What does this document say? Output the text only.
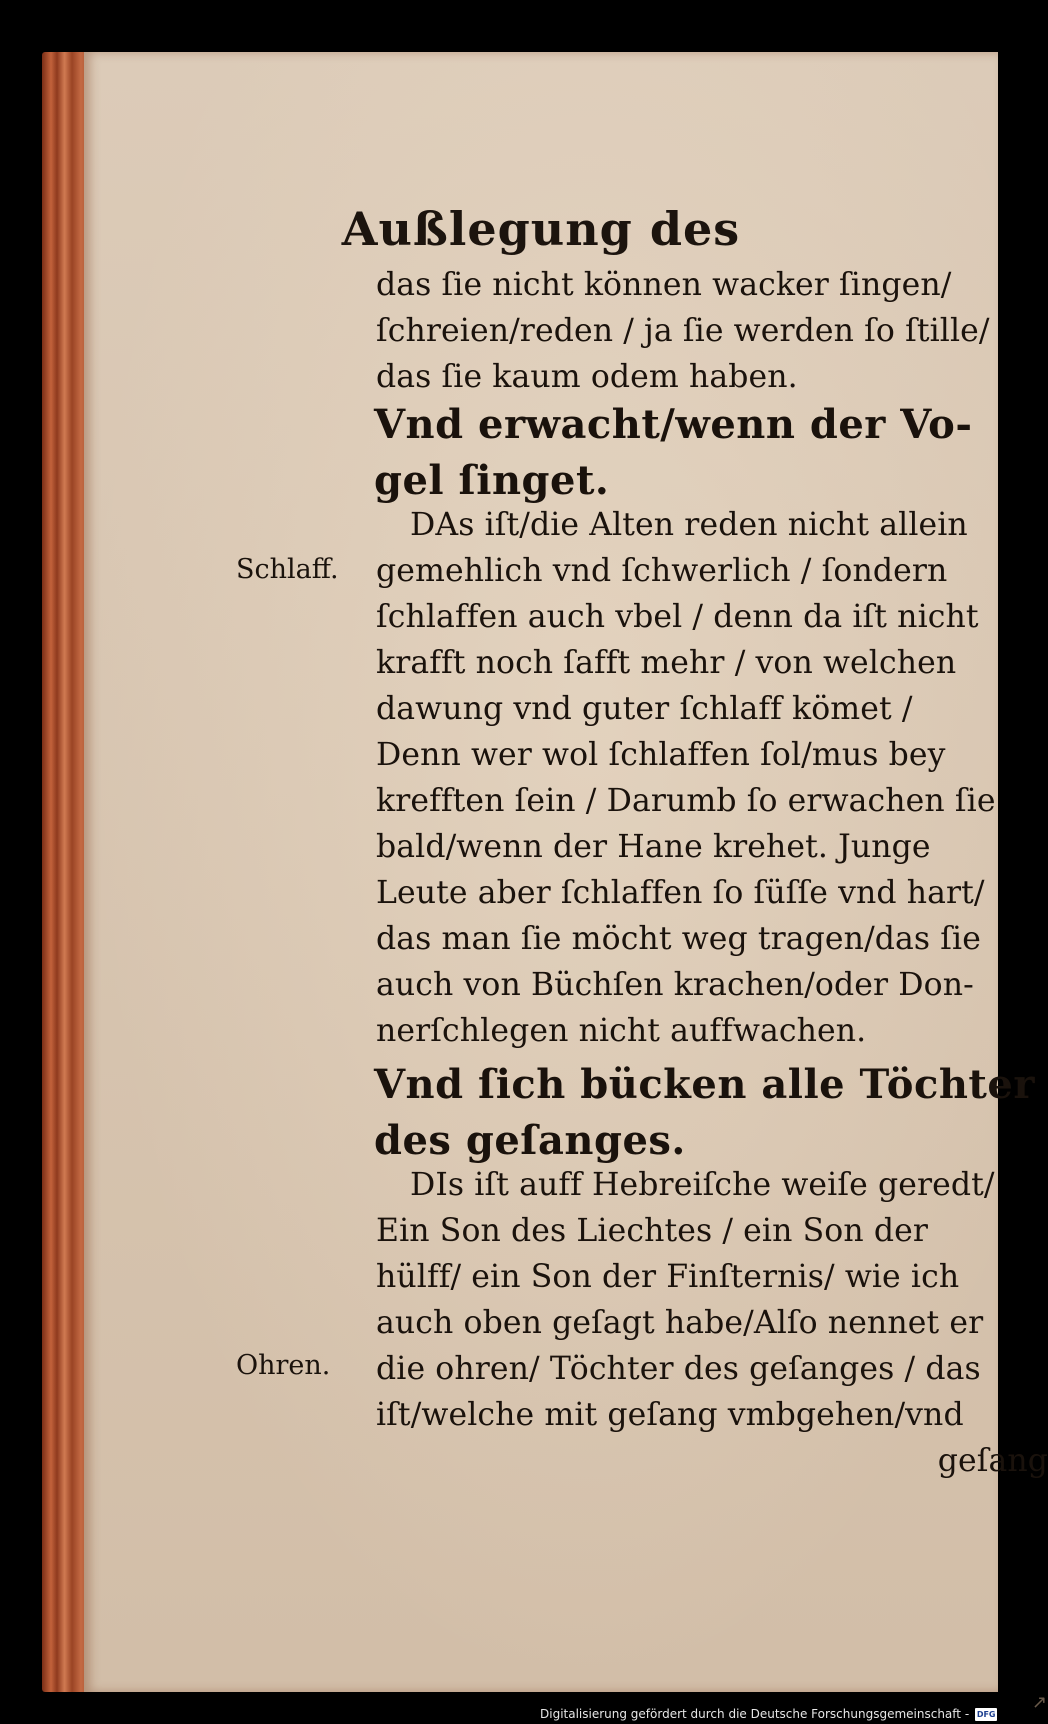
Außlegung des
das ſie nicht können wacker ſingen/
ſchreien/reden / ja ſie werden ſo ſtille/
das ſie kaum odem haben.
Vnd erwacht/wenn der Vo-
gel ſinget.
DAs iſt/die Alten reden nicht allein
gemehlich vnd ſchwerlich / ſondern
ſchlaffen auch vbel / denn da iſt nicht
krafft noch ſafft mehr / von welchen
dawung vnd guter ſchlaff kömet /
Denn wer wol ſchlaffen ſol/mus bey
krefften ſein / Darumb ſo erwachen ſie
bald/wenn der Hane krehet. Junge
Leute aber ſchlaffen ſo ſüſſe vnd hart/
das man ſie möcht weg tragen/das ſie
auch von Büchſen krachen/oder Don-
nerſchlegen nicht auffwachen.
Vnd ſich bücken alle Töchter
des geſanges.
DIs iſt auff Hebreiſche weiſe geredt/
Ein Son des Liechtes / ein Son der
hülff/ ein Son der Finſternis/ wie ich
auch oben geſagt habe/Alſo nennet er
die ohren/ Töchter des geſanges / das
iſt/welche mit geſang vmbgehen/vnd
geſang
Schlaff.
Ohren.
↗
Digitalisierung gefördert durch die Deutsche Forschungsgemeinschaft - DFG
